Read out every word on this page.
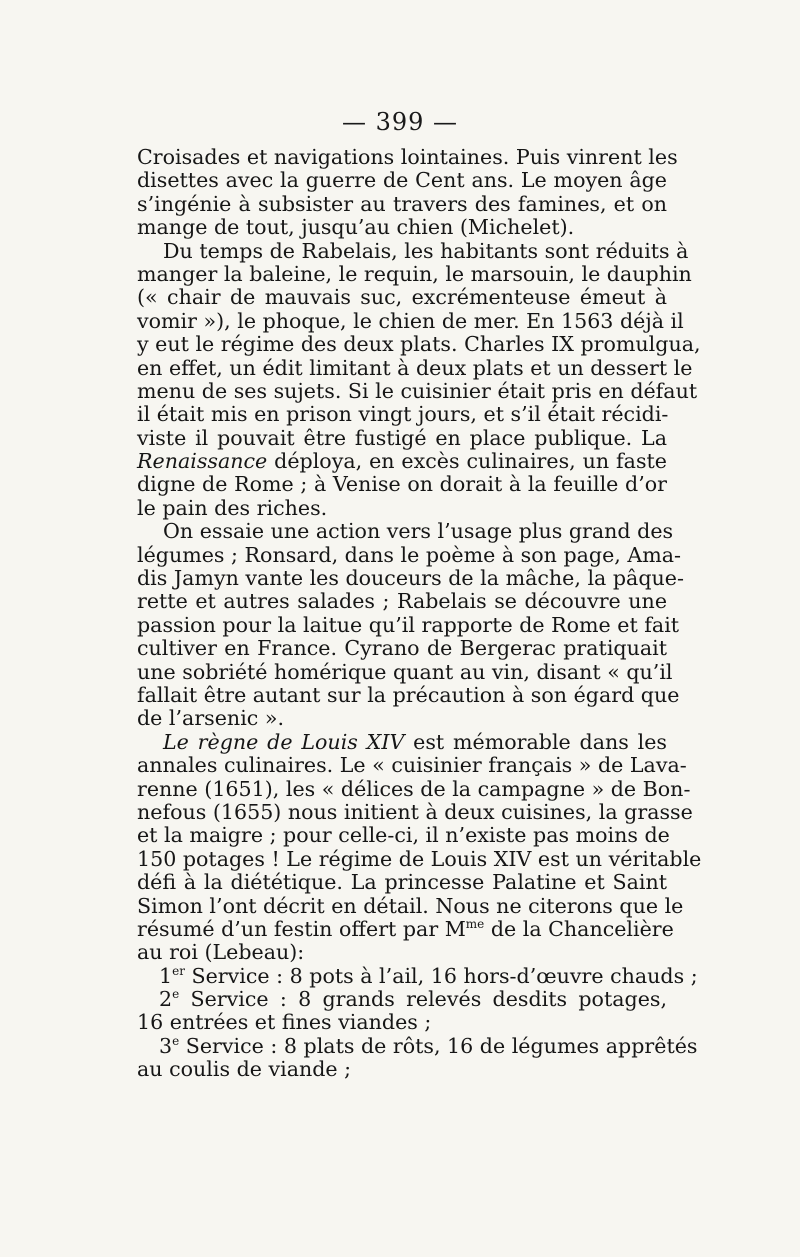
— 399 —
Croisades et navigations lointaines. Puis vinrent les
disettes avec la guerre de Cent ans. Le moyen âge
s’ingénie à subsister au travers des famines, et on
mange de tout, jusqu’au chien (Michelet).
Du temps de Rabelais, les habitants sont réduits à
manger la baleine, le requin, le marsouin, le dauphin
(« chair de mauvais suc, excrémenteuse émeut à
vomir »), le phoque, le chien de mer. En 1563 déjà il
y eut le régime des deux plats. Charles IX promulgua,
en effet, un édit limitant à deux plats et un dessert le
menu de ses sujets. Si le cuisinier était pris en défaut
il était mis en prison vingt jours, et s’il était récidi-
viste il pouvait être fustigé en place publique. La
Renaissance déploya, en excès culinaires, un faste
digne de Rome ; à Venise on dorait à la feuille d’or
le pain des riches.
On essaie une action vers l’usage plus grand des
légumes ; Ronsard, dans le poème à son page, Ama-
dis Jamyn vante les douceurs de la mâche, la pâque-
rette et autres salades ; Rabelais se découvre une
passion pour la laitue qu’il rapporte de Rome et fait
cultiver en France. Cyrano de Bergerac pratiquait
une sobriété homérique quant au vin, disant « qu’il
fallait être autant sur la précaution à son égard que
de l’arsenic ».
Le règne de Louis XIV est mémorable dans les
annales culinaires. Le « cuisinier français » de Lava-
renne (1651), les « délices de la campagne » de Bon-
nefous (1655) nous initient à deux cuisines, la grasse
et la maigre ; pour celle-ci, il n’existe pas moins de
150 potages ! Le régime de Louis XIV est un véritable
défi à la diététique. La princesse Palatine et Saint
Simon l’ont décrit en détail. Nous ne citerons que le
résumé d’un festin offert par $M^{me}$ de la Chancelière
au roi (Lebeau):
1er Service : 8 pots à l’ail, 16 hors-d’œuvre chauds ;
2e Service : 8 grands relevés desdits potages,
16 entrées et fines viandes ;
3e Service : 8 plats de rôts, 16 de légumes apprêtés
au coulis de viande ;
